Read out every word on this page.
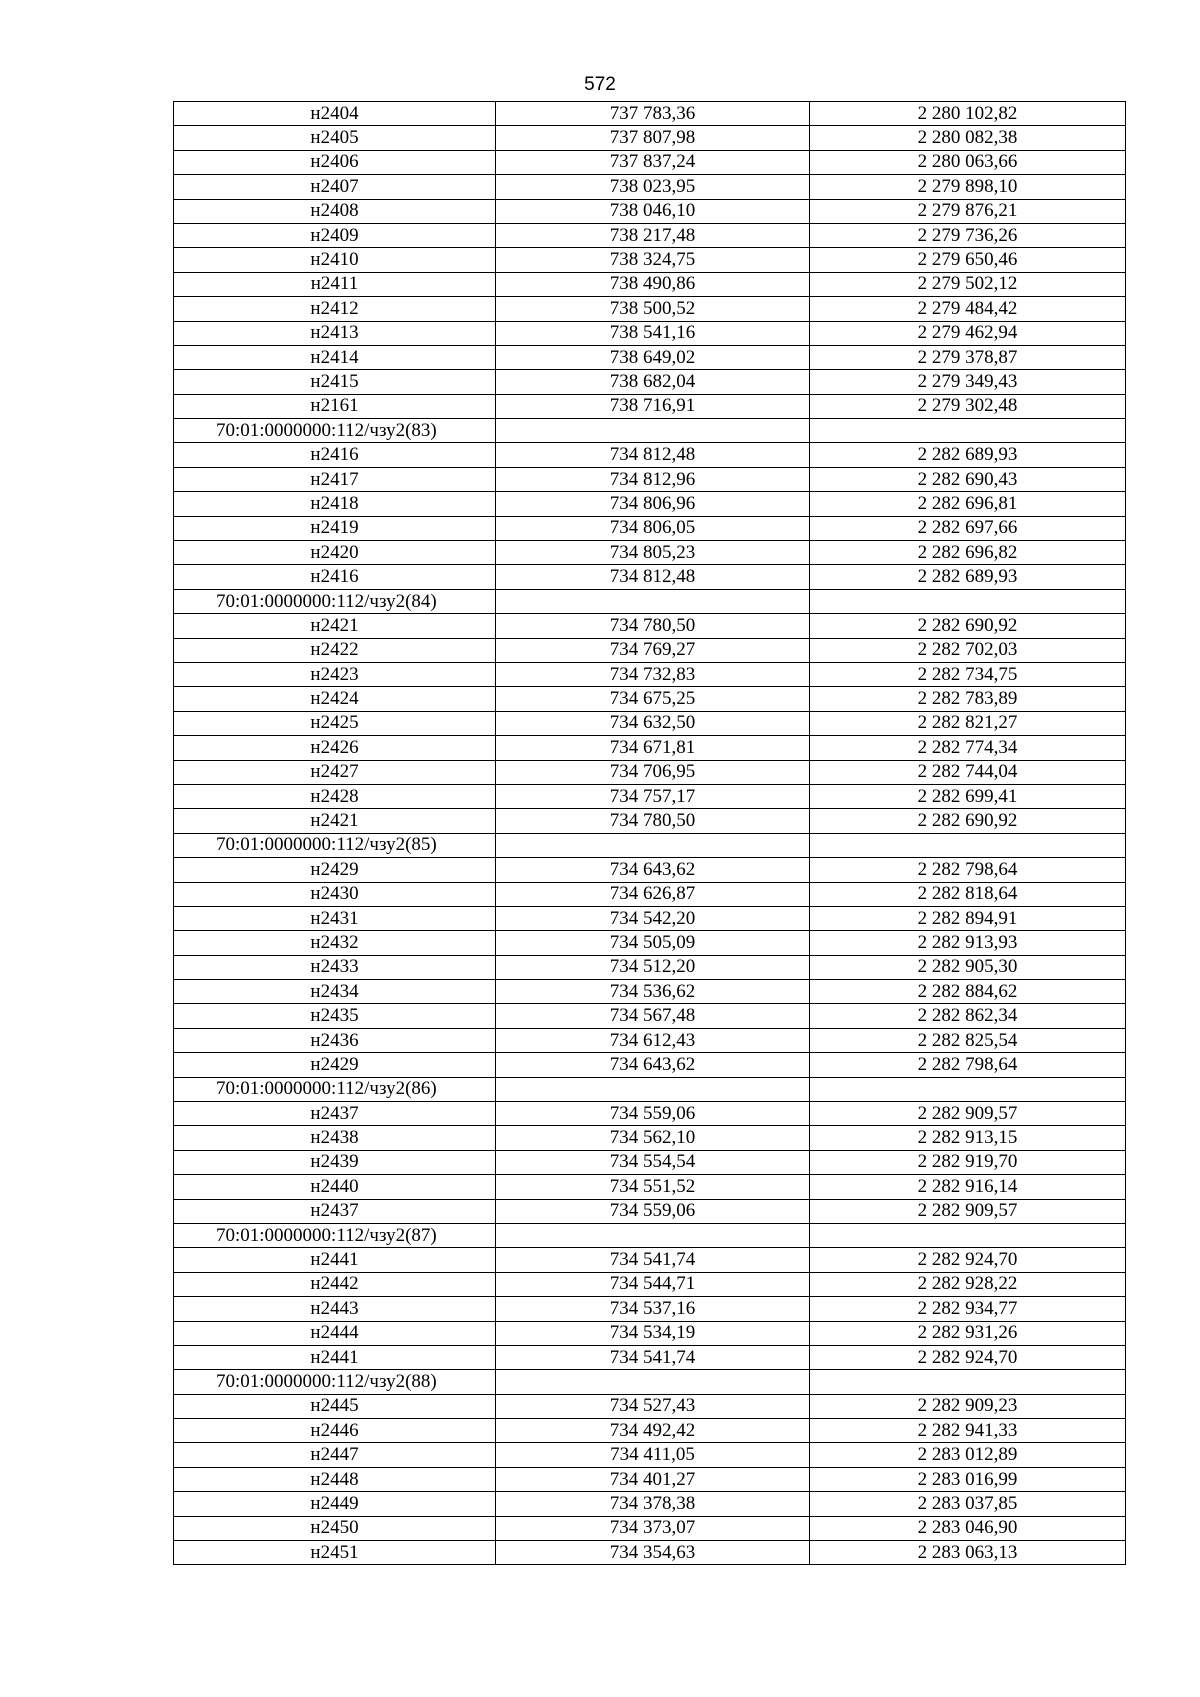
572
н2404	737 783,36	2 280 102,82
н2405	737 807,98	2 280 082,38
н2406	737 837,24	2 280 063,66
н2407	738 023,95	2 279 898,10
н2408	738 046,10	2 279 876,21
н2409	738 217,48	2 279 736,26
н2410	738 324,75	2 279 650,46
н2411	738 490,86	2 279 502,12
н2412	738 500,52	2 279 484,42
н2413	738 541,16	2 279 462,94
н2414	738 649,02	2 279 378,87
н2415	738 682,04	2 279 349,43
н2161	738 716,91	2 279 302,48
70:01:0000000:112/чзу2(83)		
н2416	734 812,48	2 282 689,93
н2417	734 812,96	2 282 690,43
н2418	734 806,96	2 282 696,81
н2419	734 806,05	2 282 697,66
н2420	734 805,23	2 282 696,82
н2416	734 812,48	2 282 689,93
70:01:0000000:112/чзу2(84)		
н2421	734 780,50	2 282 690,92
н2422	734 769,27	2 282 702,03
н2423	734 732,83	2 282 734,75
н2424	734 675,25	2 282 783,89
н2425	734 632,50	2 282 821,27
н2426	734 671,81	2 282 774,34
н2427	734 706,95	2 282 744,04
н2428	734 757,17	2 282 699,41
н2421	734 780,50	2 282 690,92
70:01:0000000:112/чзу2(85)		
н2429	734 643,62	2 282 798,64
н2430	734 626,87	2 282 818,64
н2431	734 542,20	2 282 894,91
н2432	734 505,09	2 282 913,93
н2433	734 512,20	2 282 905,30
н2434	734 536,62	2 282 884,62
н2435	734 567,48	2 282 862,34
н2436	734 612,43	2 282 825,54
н2429	734 643,62	2 282 798,64
70:01:0000000:112/чзу2(86)		
н2437	734 559,06	2 282 909,57
н2438	734 562,10	2 282 913,15
н2439	734 554,54	2 282 919,70
н2440	734 551,52	2 282 916,14
н2437	734 559,06	2 282 909,57
70:01:0000000:112/чзу2(87)		
н2441	734 541,74	2 282 924,70
н2442	734 544,71	2 282 928,22
н2443	734 537,16	2 282 934,77
н2444	734 534,19	2 282 931,26
н2441	734 541,74	2 282 924,70
70:01:0000000:112/чзу2(88)		
н2445	734 527,43	2 282 909,23
н2446	734 492,42	2 282 941,33
н2447	734 411,05	2 283 012,89
н2448	734 401,27	2 283 016,99
н2449	734 378,38	2 283 037,85
н2450	734 373,07	2 283 046,90
н2451	734 354,63	2 283 063,13
